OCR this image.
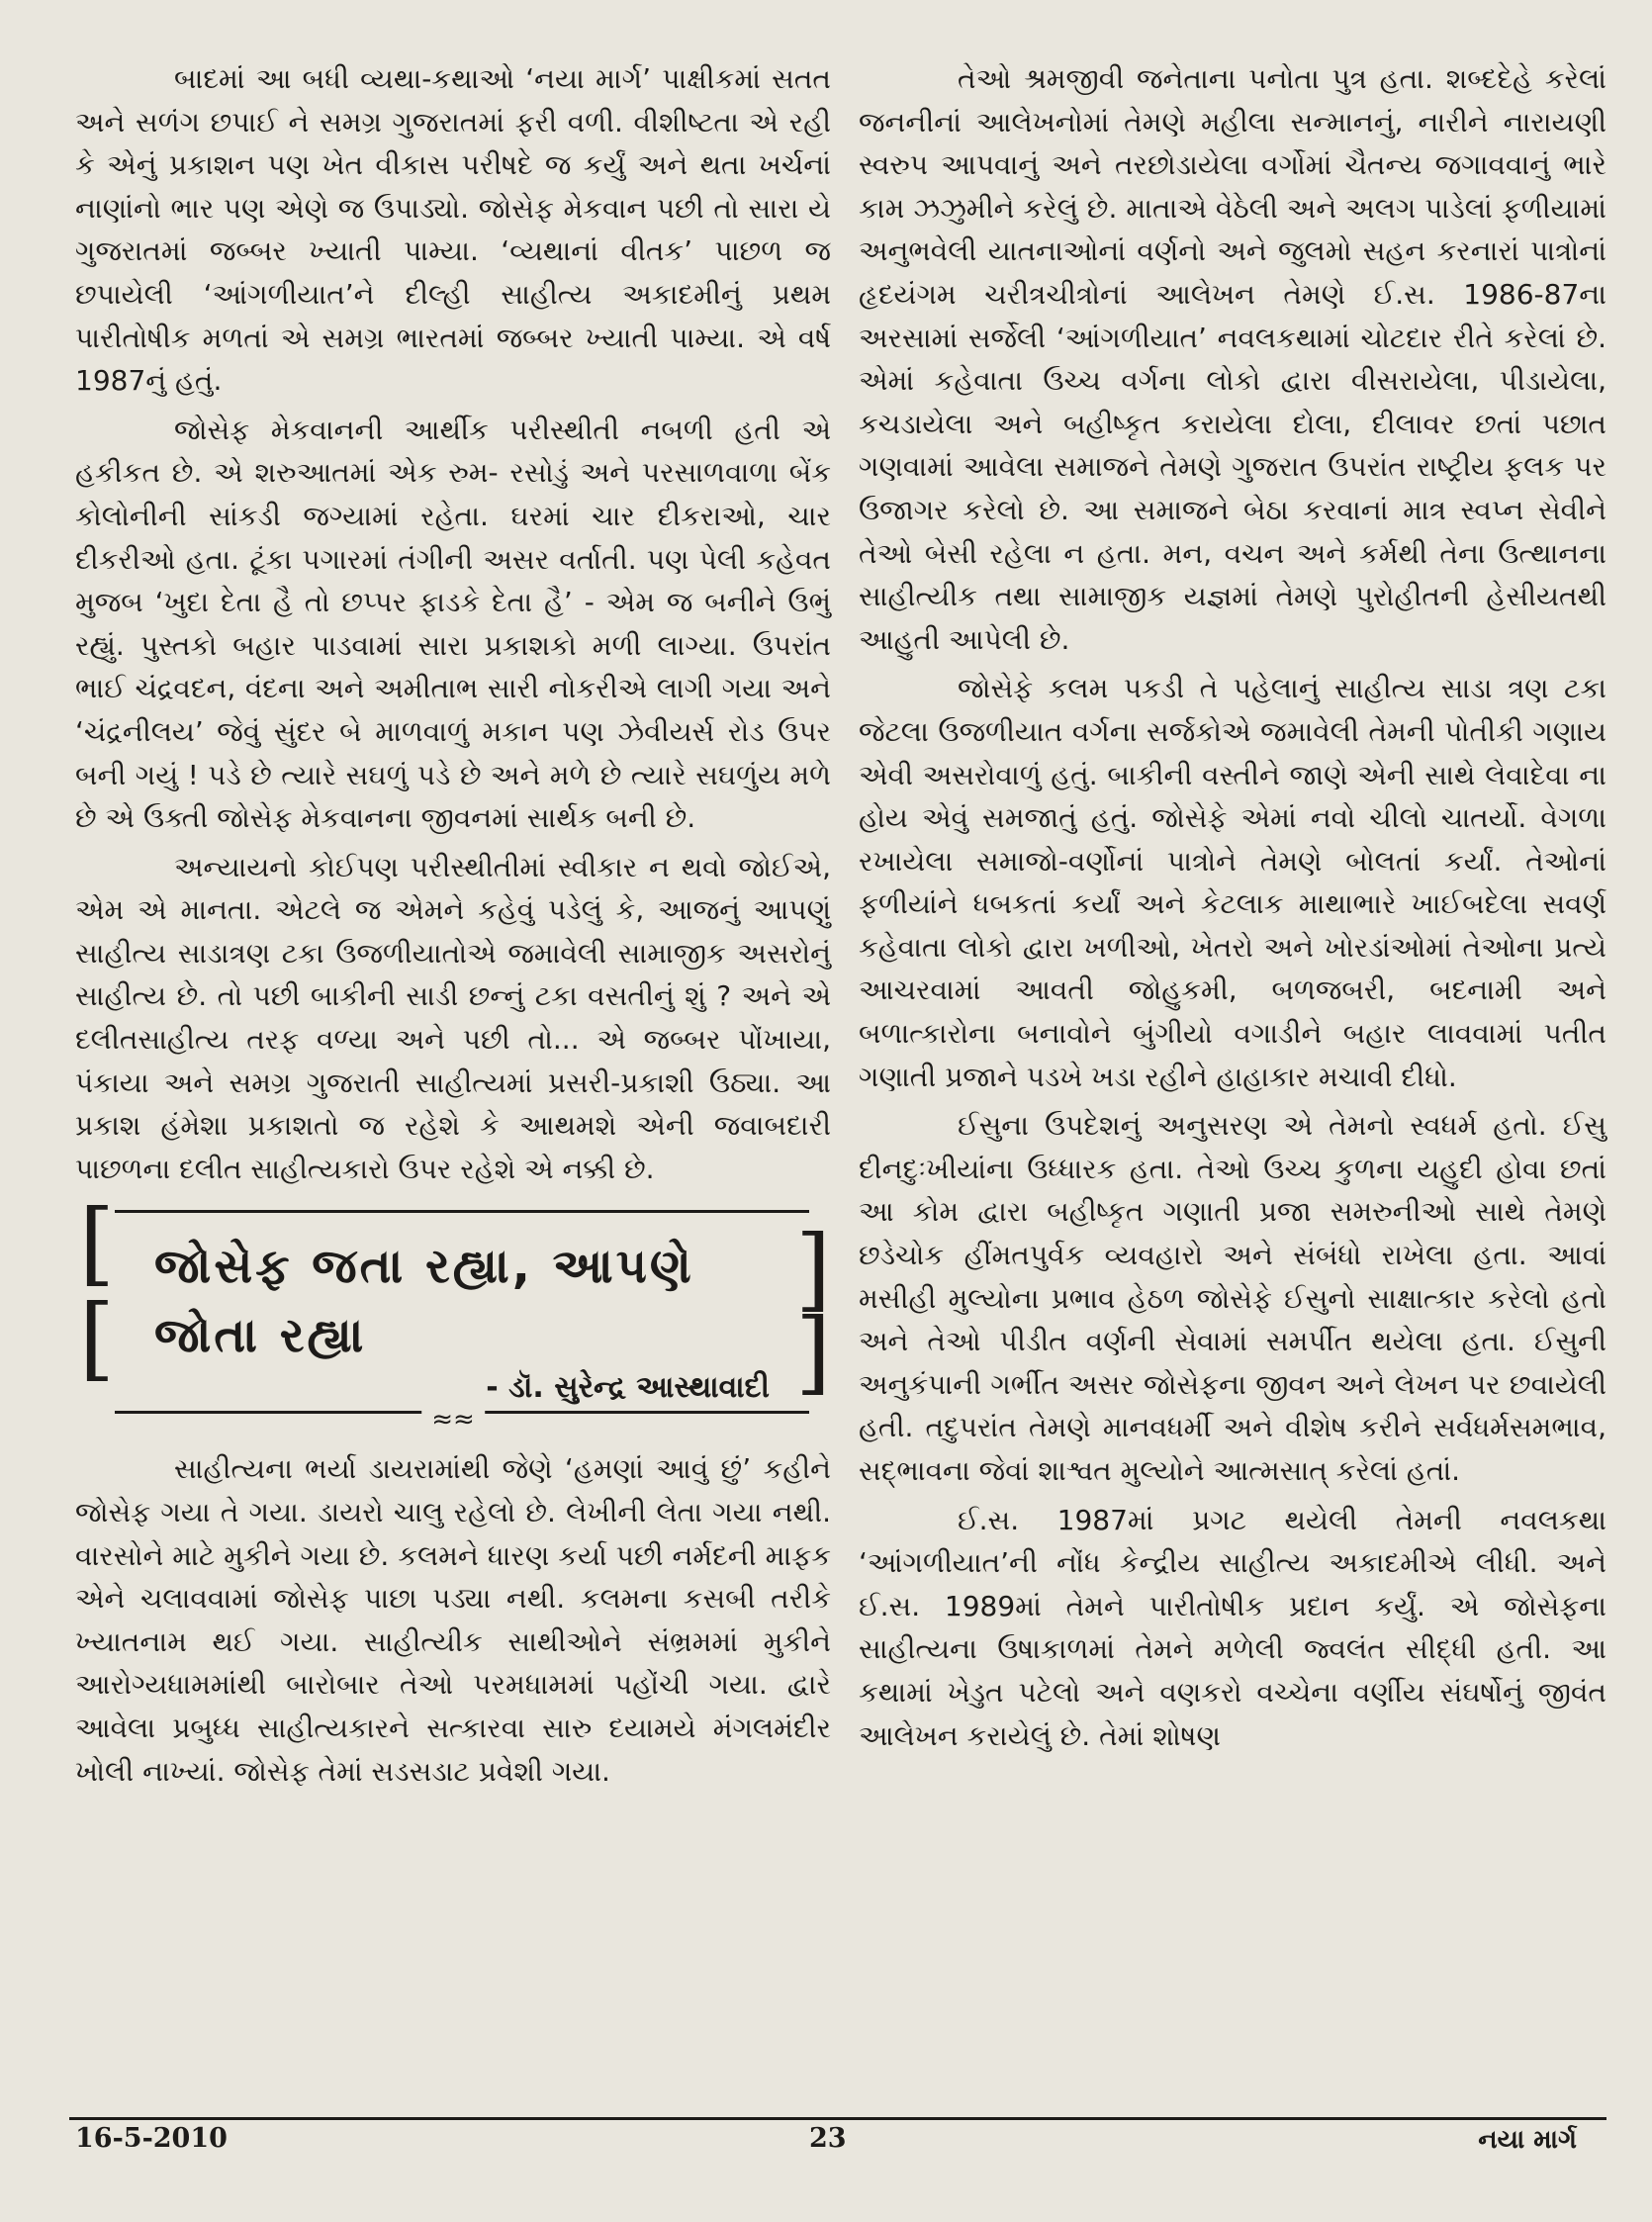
બાદમાં આ બધી વ્યથા-કથાઓ ‘નયા માર્ગ’ પાક્ષીકમાં સતત અને સળંગ છપાઈ ને સમગ્ર ગુજરાતમાં ફરી વળી. વીશીષ્ટતા એ રહી કે એનું પ્રકાશન પણ ખેત વીકાસ પરીષદે જ કર્યું અને થતા ખર્ચનાં નાણાંનો ભાર પણ એણે જ ઉપાડ્યો. જોસેફ મેકવાન પછી તો સારા યે ગુજરાતમાં જબ્બર ખ્યાતી પામ્યા. ‘વ્યથાનાં વીતક’ પાછળ જ છપાયેલી ‘આંગળીયાત’ને દીલ્હી સાહીત્ય અકાદમીનું પ્રથમ પારીતોષીક મળતાં એ સમગ્ર ભારતમાં જબ્બર ખ્યાતી પામ્યા. એ વર્ષ 1987નું હતું.

જોસેફ મેકવાનની આર્થીક પરીસ્થીતી નબળી હતી એ હકીકત છે. એ શરુઆતમાં એક રુમ- રસોડું અને પરસાળવાળા બેંક કોલોનીની સાંકડી જગ્યામાં રહેતા. ઘરમાં ચાર દીકરાઓ, ચાર દીકરીઓ હતા. ટૂંકા પગારમાં તંગીની અસર વર્તાતી. પણ પેલી કહેવત મુજબ ‘ખુદા દેતા હૈ તો છપ્પર ફાડકે દેતા હૈ’ - એમ જ બનીને ઉભું રહ્યું. પુસ્તકો બહાર પાડવામાં સારા પ્રકાશકો મળી લાગ્યા. ઉપરાંત ભાઈ ચંદ્રવદન, વંદના અને અમીતાભ સારી નોકરીએ લાગી ગયા અને ‘ચંદ્રનીલય’ જેવું સુંદર બે માળવાળું મકાન પણ ઝેવીયર્સ રોડ ઉપર બની ગયું ! પડે છે ત્યારે સઘળું પડે છે અને મળે છે ત્યારે સઘળુંય મળે છે એ ઉક્તી જોસેફ મેકવાનના જીવનમાં સાર્થક બની છે.

અન્યાયનો કોઈપણ પરીસ્થીતીમાં સ્વીકાર ન થવો જોઈએ, એમ એ માનતા. એટલે જ એમને કહેવું પડેલું કે, આજનું આપણું સાહીત્ય સાડાત્રણ ટકા ઉજળીયાતોએ જમાવેલી સામાજીક અસરોનું સાહીત્ય છે. તો પછી બાકીની સાડી છન્નું ટકા વસતીનું શું ? અને એ દલીતસાહીત્ય તરફ વળ્યા અને પછી તો... એ જબ્બર પોંખાયા, પંકાયા અને સમગ્ર ગુજરાતી સાહીત્યમાં પ્રસરી-પ્રકાશી ઉઠ્યા. આ પ્રકાશ હંમેશા પ્રકાશતો જ રહેશે કે આથમશે એની જવાબદારી પાછળના દલીત સાહીત્યકારો ઉપર રહેશે એ નક્કી છે.

[
[
]
]
જોસેફ જતા રહ્યા, આપણે જોતા રહ્યા
- ડૉ. સુરેન્દ્ર આસ્થાવાદી
≈≈

સાહીત્યના ભર્યા ડાયરામાંથી જેણે ‘હમણાં આવું છું’ કહીને જોસેફ ગયા તે ગયા. ડાયરો ચાલુ રહેલો છે. લેખીની લેતા ગયા નથી. વારસોને માટે મુકીને ગયા છે. કલમને ધારણ કર્યા પછી નર્મદની માફક એને ચલાવવામાં જોસેફ પાછા પડ્યા નથી. કલમના કસબી તરીકે ખ્યાતનામ થઈ ગયા. સાહીત્યીક સાથીઓને સંભ્રમમાં મુકીને આરોગ્યધામમાંથી બારોબાર તેઓ પરમધામમાં પહોંચી ગયા. દ્વારે આવેલા પ્રબુધ્ધ સાહીત્યકારને સત્કારવા સારુ દયામયે મંગલમંદીર ખોલી નાખ્યાં. જોસેફ તેમાં સડસડાટ પ્રવેશી ગયા.

તેઓ શ્રમજીવી જનેતાના પનોતા પુત્ર હતા. શબ્દદેહે કરેલાં જનનીનાં આલેખનોમાં તેમણે મહીલા સન્માનનું, નારીને નારાયણી સ્વરુપ આપવાનું અને તરછોડાયેલા વર્ગોમાં ચૈતન્ય જગાવવાનું ભારે કામ ઝઝુમીને કરેલું છે. માતાએ વેઠેલી અને અલગ પાડેલાં ફળીયામાં અનુભવેલી યાતનાઓનાં વર્ણનો અને જુલમો સહન કરનારાં પાત્રોનાં હૃદયંગમ ચરીત્રચીત્રોનાં આલેખન તેમણે ઈ.સ. 1986-87ના અરસામાં સર્જેલી ‘આંગળીયાત’ નવલકથામાં ચોટદાર રીતે કરેલાં છે. એમાં કહેવાતા ઉચ્ચ વર્ગના લોકો દ્વારા વીસરાયેલા, પીડાયેલા, કચડાયેલા અને બહીષ્કૃત કરાયેલા દોલા, દીલાવર છતાં પછાત ગણવામાં આવેલા સમાજને તેમણે ગુજરાત ઉપરાંત રાષ્ટ્રીય ફલક પર ઉજાગર કરેલો છે. આ સમાજને બેઠા કરવાનાં માત્ર સ્વપ્ન સેવીને તેઓ બેસી રહેલા ન હતા. મન, વચન અને કર્મથી તેના ઉત્થાનના સાહીત્યીક તથા સામાજીક યજ્ઞમાં તેમણે પુરોહીતની હેસીયતથી આહુતી આપેલી છે.

જોસેફે કલમ પકડી તે પહેલાનું સાહીત્ય સાડા ત્રણ ટકા જેટલા ઉજળીયાત વર્ગના સર્જકોએ જમાવેલી તેમની પોતીકી ગણાય એવી અસરોવાળું હતું. બાકીની વસ્તીને જાણે એની સાથે લેવાદેવા ના હોય એવું સમજાતું હતું. જોસેફે એમાં નવો ચીલો ચાતર્યો. વેગળા રખાયેલા સમાજો-વર્ણોનાં પાત્રોને તેમણે બોલતાં કર્યાં. તેઓનાં ફળીયાંને ધબકતાં કર્યાં અને કેટલાક માથાભારે ખાઈબદેલા સવર્ણ કહેવાતા લોકો દ્વારા ખળીઓ, ખેતરો અને ખોરડાંઓમાં તેઓના પ્રત્યે આચરવામાં આવતી જોહુકમી, બળજબરી, બદનામી અને બળાત્કારોના બનાવોને બુંગીયો વગાડીને બહાર લાવવામાં પતીત ગણાતી પ્રજાને પડખે ખડા રહીને હાહાકાર મચાવી દીધો.

ઈસુના ઉપદેશનું અનુસરણ એ તેમનો સ્વધર્મ હતો. ઈસુ દીનદુઃખીયાંના ઉધ્ધારક હતા. તેઓ ઉચ્ચ કુળના યહુદી હોવા છતાં આ કોમ દ્વારા બહીષ્કૃત ગણાતી પ્રજા સમરુનીઓ સાથે તેમણે છડેચોક હીંમતપુર્વક વ્યવહારો અને સંબંધો રાખેલા હતા. આવાં મસીહી મુલ્યોના પ્રભાવ હેઠળ જોસેફે ઈસુનો સાક્ષાત્કાર કરેલો હતો અને તેઓ પીડીત વર્ણની સેવામાં સમર્પીત થયેલા હતા. ઈસુની અનુકંપાની ગર્ભીત અસર જોસેફના જીવન અને લેખન પર છવાયેલી હતી. તદુપરાંત તેમણે માનવધર્મી અને વીશેષ કરીને સર્વધર્મસમભાવ, સદ્ભાવના જેવાં શાશ્વત મુલ્યોને આત્મસાત્ કરેલાં હતાં.

ઈ.સ. 1987માં પ્રગટ થયેલી તેમની નવલકથા ‘આંગળીયાત’ની નોંધ કેન્દ્રીય સાહીત્ય અકાદમીએ લીધી. અને ઈ.સ. 1989માં તેમને પારીતોષીક પ્રદાન કર્યું. એ જોસેફના સાહીત્યના ઉષાકાળમાં તેમને મળેલી જ્વલંત સીદ્ધી હતી. આ કથામાં ખેડુત પટેલો અને વણકરો વચ્ચેના વર્ણીય સંઘર્ષોનું જીવંત આલેખન કરાયેલું છે. તેમાં શોષણ

16-5-2010	23	નયા માર્ગ
